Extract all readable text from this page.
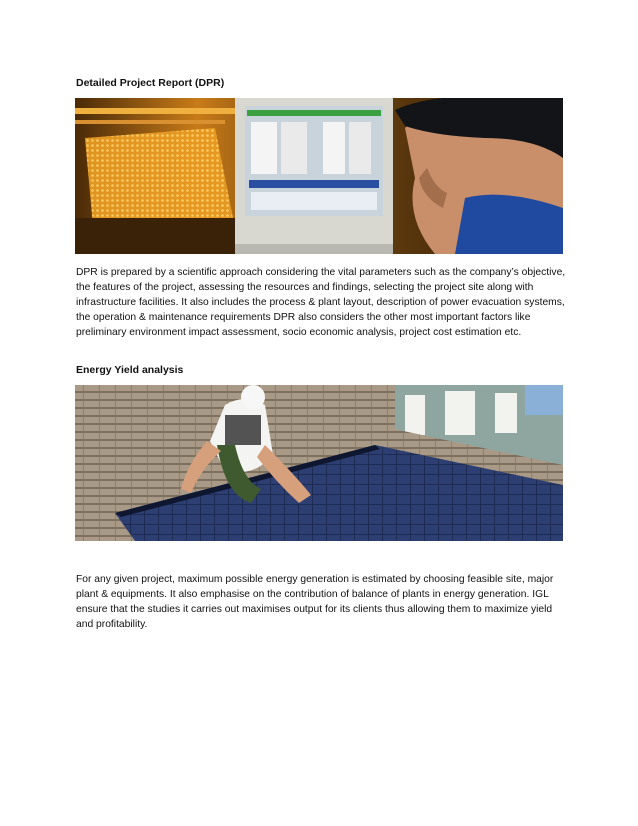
Detailed Project Report (DPR)

DPR is prepared by a scientific approach considering the vital parameters such as the company’s objective, the features of the project, assessing the resources and findings, selecting the project site along with infrastructure facilities. It also includes the process & plant layout, description of power evacuation systems, the operation & maintenance requirements DPR also considers the other most important factors like preliminary environment impact assessment, socio economic analysis, project cost estimation etc.

Energy Yield analysis

For any given project, maximum possible energy generation is estimated by choosing feasible site, major plant & equipments. It also emphasise on the contribution of balance of plants in energy generation. IGL ensure that the studies it carries out maximises output for its clients thus allowing them to maximize yield and profitability.
